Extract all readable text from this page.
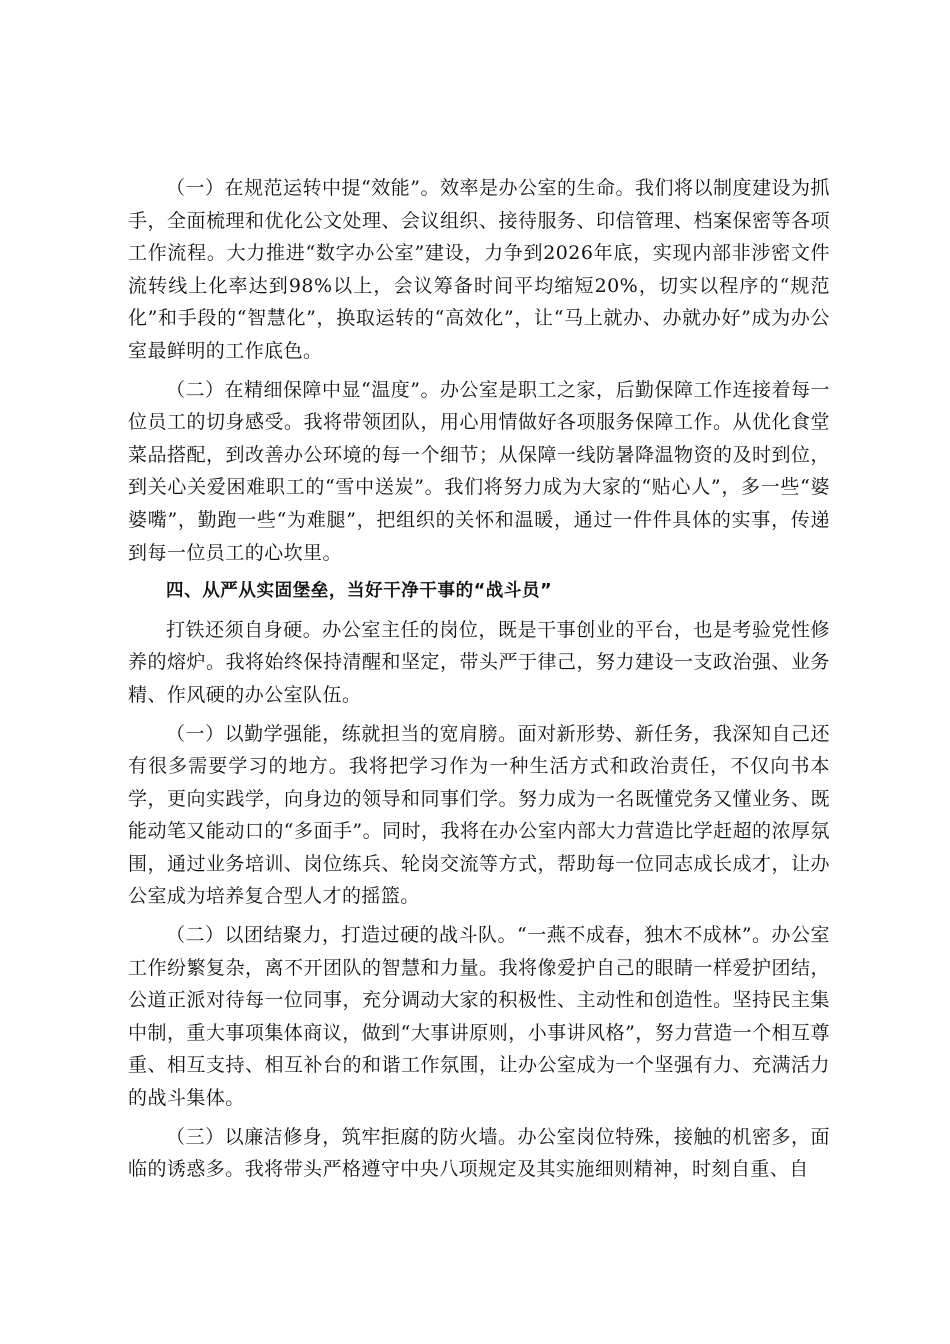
（一）在规范运转中提“效能”。效率是办公室的生命。我们将以制度建设为抓手，全面梳理和优化公文处理、会议组织、接待服务、印信管理、档案保密等各项工作流程。大力推进“数字办公室”建设，力争到2026年底，实现内部非涉密文件流转线上化率达到98%以上，会议筹备时间平均缩短20%，切实以程序的“规范化”和手段的“智慧化”，换取运转的“高效化”，让“马上就办、办就办好”成为办公室最鲜明的工作底色。

（二）在精细保障中显“温度”。办公室是职工之家，后勤保障工作连接着每一位员工的切身感受。我将带领团队，用心用情做好各项服务保障工作。从优化食堂菜品搭配，到改善办公环境的每一个细节；从保障一线防暑降温物资的及时到位，到关心关爱困难职工的“雪中送炭”。我们将努力成为大家的“贴心人”，多一些“婆婆嘴”，勤跑一些“为难腿”，把组织的关怀和温暖，通过一件件具体的实事，传递到每一位员工的心坎里。

四、从严从实固堡垒，当好干净干事的“战斗员”

打铁还须自身硬。办公室主任的岗位，既是干事创业的平台，也是考验党性修养的熔炉。我将始终保持清醒和坚定，带头严于律己，努力建设一支政治强、业务精、作风硬的办公室队伍。

（一）以勤学强能，练就担当的宽肩膀。面对新形势、新任务，我深知自己还有很多需要学习的地方。我将把学习作为一种生活方式和政治责任，不仅向书本学，更向实践学，向身边的领导和同事们学。努力成为一名既懂党务又懂业务、既能动笔又能动口的“多面手”。同时，我将在办公室内部大力营造比学赶超的浓厚氛围，通过业务培训、岗位练兵、轮岗交流等方式，帮助每一位同志成长成才，让办公室成为培养复合型人才的摇篮。

（二）以团结聚力，打造过硬的战斗队。“一燕不成春，独木不成林”。办公室工作纷繁复杂，离不开团队的智慧和力量。我将像爱护自己的眼睛一样爱护团结，公道正派对待每一位同事，充分调动大家的积极性、主动性和创造性。坚持民主集中制，重大事项集体商议，做到“大事讲原则，小事讲风格”，努力营造一个相互尊重、相互支持、相互补台的和谐工作氛围，让办公室成为一个坚强有力、充满活力的战斗集体。

（三）以廉洁修身，筑牢拒腐的防火墙。办公室岗位特殊，接触的机密多，面临的诱惑多。我将带头严格遵守中央八项规定及其实施细则精神，时刻自重、自
